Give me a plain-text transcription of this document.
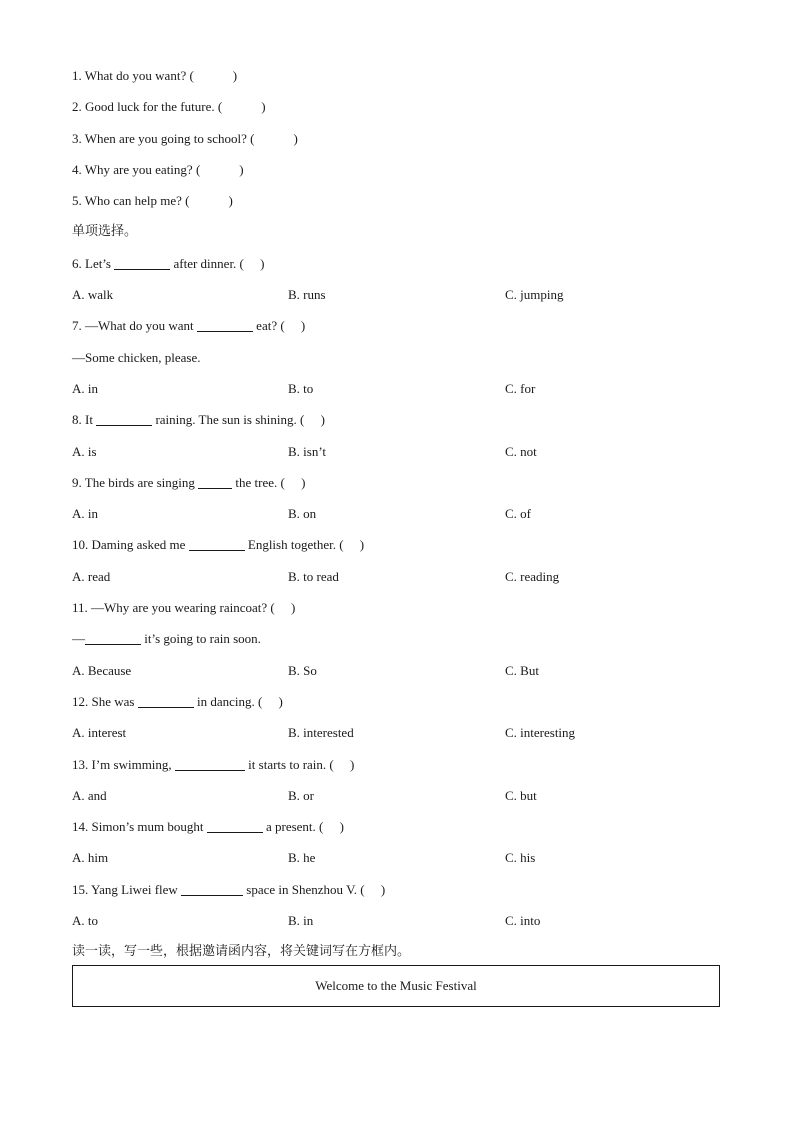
1. What do you want? (　　　)
2. Good luck for the future. (　　　)
3. When are you going to school? (　　　)
4. Why are you eating? (　　　)
5. Who can help me? (　　　)
单项选择。
6. Let’s	after dinner. (　 )
A. walk	B. runs	C. jumping
7. —What do you want	eat? (　 )
—Some chicken, please.
A. in	B. to	C. for
8. It	raining. The sun is shining. (　 )
A. is	B. isn’t	C. not
9. The birds are singing	the tree. (　 )
A. in	B. on	C. of
10. Daming asked me	English together. (　 )
A. read	B. to read	C. reading
11. —Why are you wearing raincoat? (　 )
—	it’s going to rain soon.
A. Because	B. So	C. But
12. She was	in dancing. (　 )
A. interest	B. interested	C. interesting
13. I’m swimming,	it starts to rain. (　 )
A. and	B. or	C. but
14. Simon’s mum bought	a present. (　 )
A. him	B. he	C. his
15. Yang Liwei flew	space in Shenzhou V. (　 )
A. to	B. in	C. into
读一读，写一些，根据邀请函内容，将关键词写在方框内。
Welcome to the Music Festival
